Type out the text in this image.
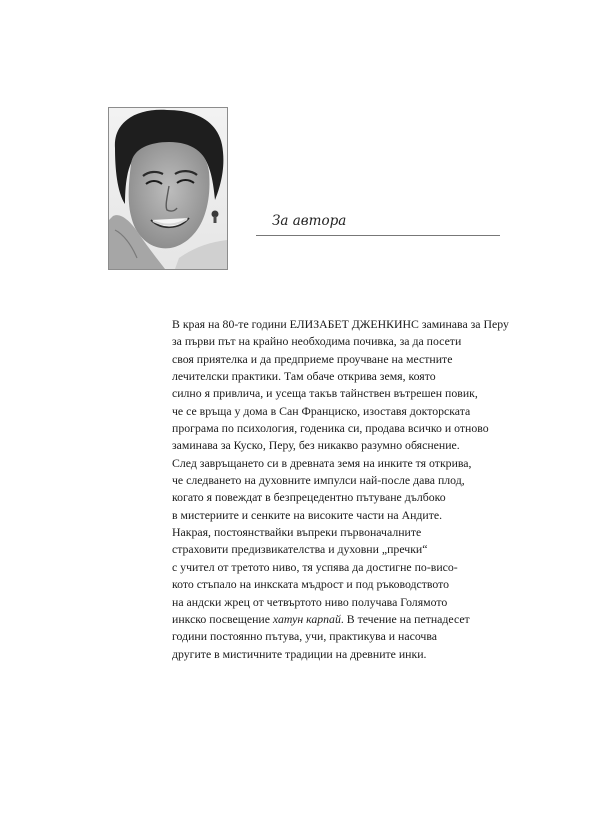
За автора
В края на 80-те години ЕЛИЗАБЕТ ДЖЕНКИНС заминава за Перу
за първи път на крайно необходима почивка, за да посети
своя приятелка и да предприеме проучване на местните
лечителски практики. Там обаче открива земя, която
силно я привлича, и усеща такъв тайнствен вътрешен повик,
че се връща у дома в Сан Франциско, изоставя докторската
програма по психология, годеника си, продава всичко и отново
заминава за Куско, Перу, без никакво разумно обяснение.
След завръщането си в древната земя на инките тя открива,
че следването на духовните импулси най-после дава плод,
когато я повеждат в безпрецедентно пътуване дълбоко
в мистериите и сенките на високите части на Андите.
Накрая, постоянствайки въпреки първоначалните
страховити предизвикателства и духовни „пречки“
с учител от третото ниво, тя успява да достигне по-висо-
кото стъпало на инкската мъдрост и под ръководството
на андски жрец от четвъртото ниво получава Голямото
инкско посвещение хатун карпай. В течение на петнадесет
години постоянно пътува, учи, практикува и насочва
другите в мистичните традиции на древните инки.
